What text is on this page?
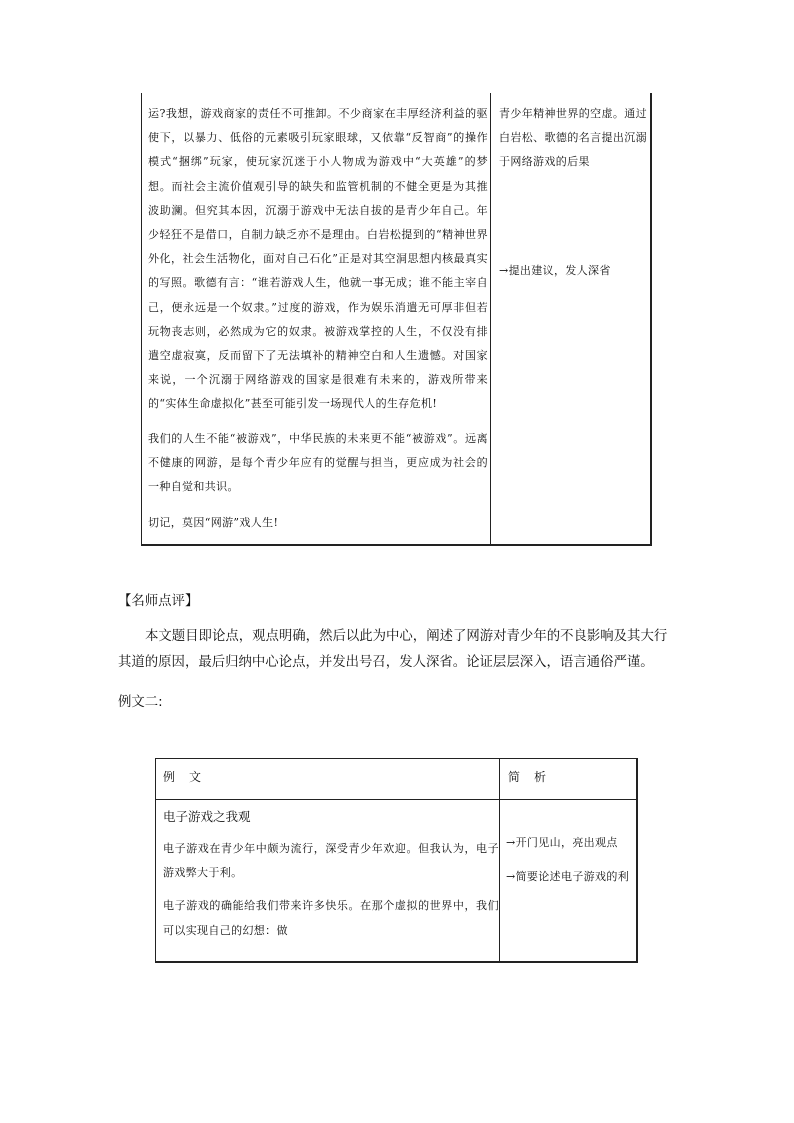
运?我想，游戏商家的责任不可推卸。不少商家在丰厚经济利益的驱使下，以暴力、低俗的元素吸引玩家眼球，又依靠“反智商”的操作模式“捆绑”玩家，使玩家沉迷于小人物成为游戏中“大英雄”的梦想。而社会主流价值观引导的缺失和监管机制的不健全更是为其推波助澜。但究其本因，沉溺于游戏中无法自拔的是青少年自己。年少轻狂不是借口，自制力缺乏亦不是理由。白岩松提到的“精神世界外化，社会生活物化，面对自己石化”正是对其空洞思想内核最真实的写照。歌德有言：“谁若游戏人生，他就一事无成；谁不能主宰自己，便永远是一个奴隶。”过度的游戏，作为娱乐消遣无可厚非但若玩物丧志则，必然成为它的奴隶。被游戏掌控的人生，不仅没有排遣空虚寂寞，反而留下了无法填补的精神空白和人生遗憾。对国家来说，一个沉溺于网络游戏的国家是很难有未来的，游戏所带来的“实体生命虚拟化”甚至可能引发一场现代人的生存危机!

我们的人生不能“被游戏”，中华民族的未来更不能“被游戏”。远离不健康的网游，是每个青少年应有的觉醒与担当，更应成为社会的一种自觉和共识。

切记，莫因“网游”戏人生!

青少年精神世界的空虚。通过白岩松、歌德的名言提出沉溺于网络游戏的后果

→提出建议，发人深省

【名师点评】

本文题目即论点，观点明确，然后以此为中心，阐述了网游对青少年的不良影响及其大行其道的原因，最后归纳中心论点，并发出号召，发人深省。论证层层深入，语言通俗严谨。

例文二:
例文	简析
电子游戏之我观

电子游戏在青少年中颇为流行，深受青少年欢迎。但我认为，电子游戏弊大于利。

电子游戏的确能给我们带来许多快乐。在那个虚拟的世界中，我们可以实现自己的幻想：做

→开门见山，亮出观点

→简要论述电子游戏的利
